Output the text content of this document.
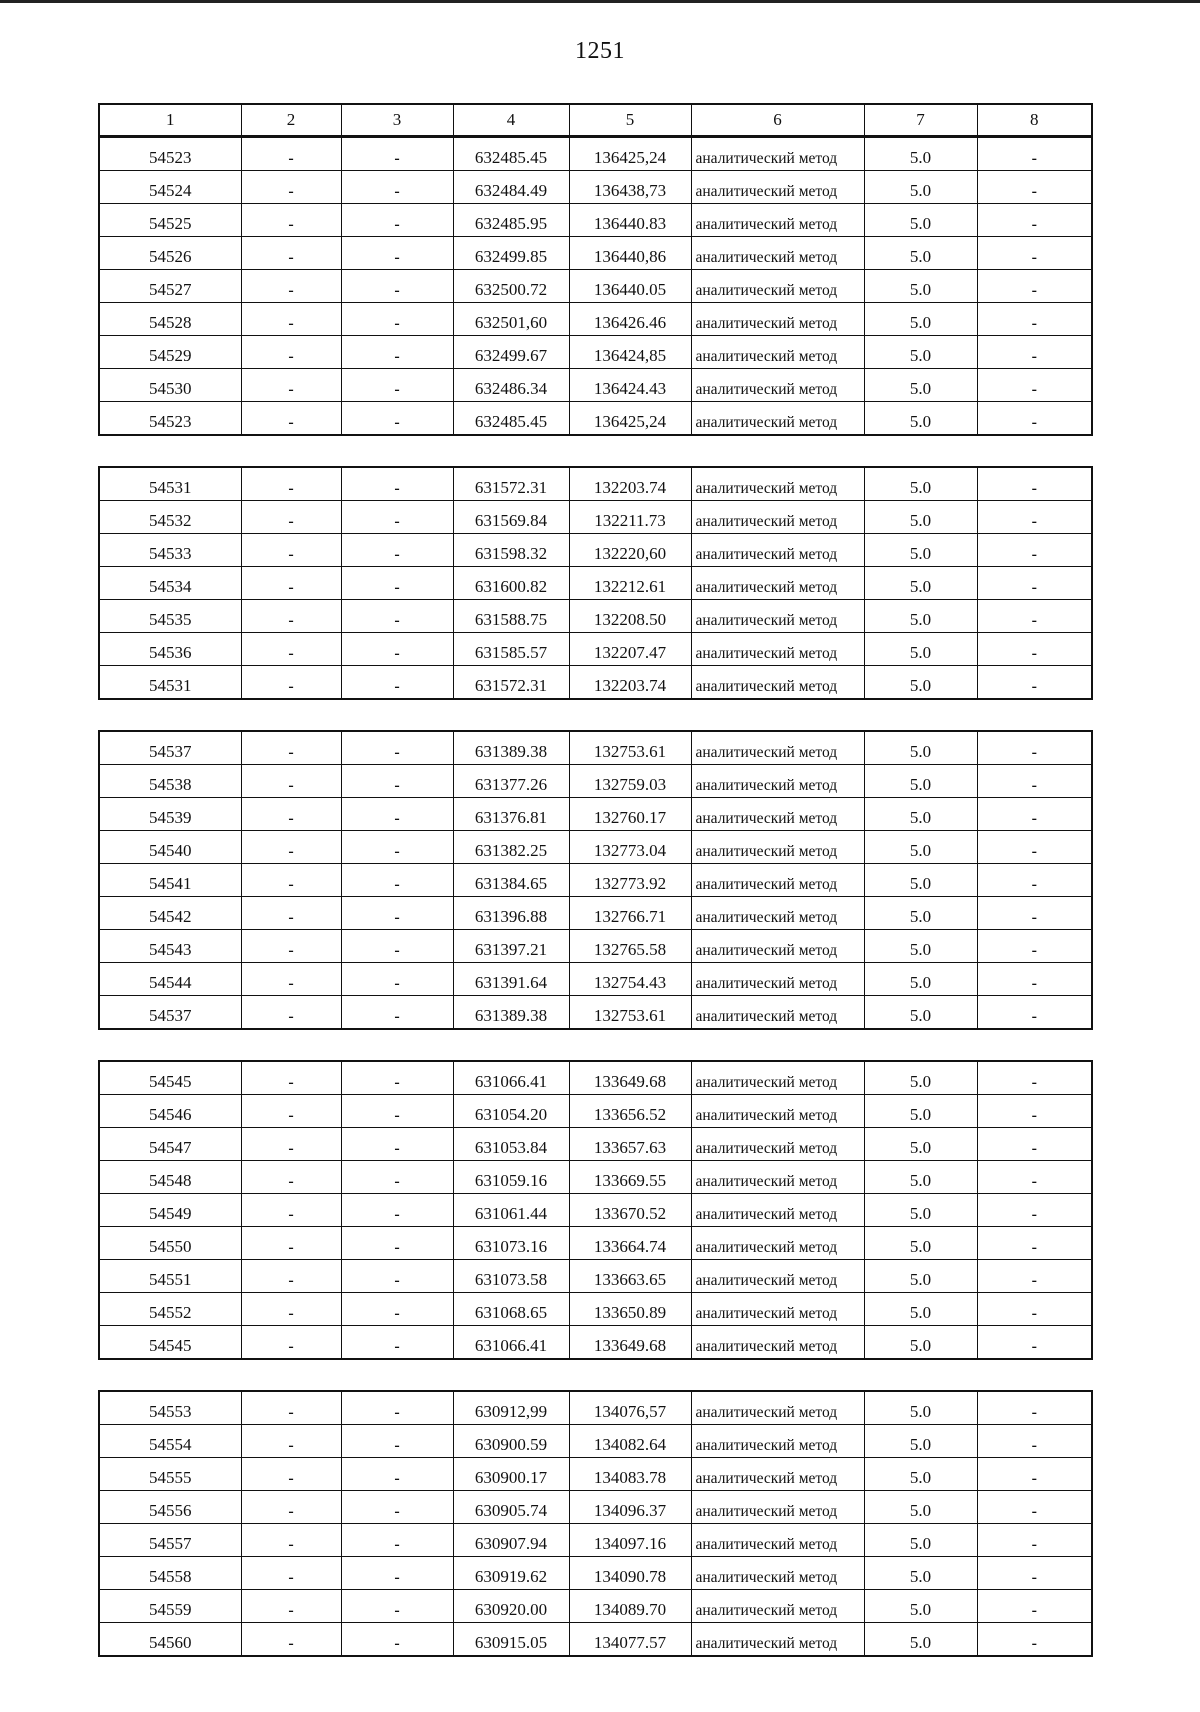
1251
1	2	3	4	5	6	7	8
54523	-	-	632485.45	136425,24	аналитический метод	5.0	-
54524	-	-	632484.49	136438,73	аналитический метод	5.0	-
54525	-	-	632485.95	136440.83	аналитический метод	5.0	-
54526	-	-	632499.85	136440,86	аналитический метод	5.0	-
54527	-	-	632500.72	136440.05	аналитический метод	5.0	-
54528	-	-	632501,60	136426.46	аналитический метод	5.0	-
54529	-	-	632499.67	136424,85	аналитический метод	5.0	-
54530	-	-	632486.34	136424.43	аналитический метод	5.0	-
54523	-	-	632485.45	136425,24	аналитический метод	5.0	-
54531	-	-	631572.31	132203.74	аналитический метод	5.0	-
54532	-	-	631569.84	132211.73	аналитический метод	5.0	-
54533	-	-	631598.32	132220,60	аналитический метод	5.0	-
54534	-	-	631600.82	132212.61	аналитический метод	5.0	-
54535	-	-	631588.75	132208.50	аналитический метод	5.0	-
54536	-	-	631585.57	132207.47	аналитический метод	5.0	-
54531	-	-	631572.31	132203.74	аналитический метод	5.0	-
54537	-	-	631389.38	132753.61	аналитический метод	5.0	-
54538	-	-	631377.26	132759.03	аналитический метод	5.0	-
54539	-	-	631376.81	132760.17	аналитический метод	5.0	-
54540	-	-	631382.25	132773.04	аналитический метод	5.0	-
54541	-	-	631384.65	132773.92	аналитический метод	5.0	-
54542	-	-	631396.88	132766.71	аналитический метод	5.0	-
54543	-	-	631397.21	132765.58	аналитический метод	5.0	-
54544	-	-	631391.64	132754.43	аналитический метод	5.0	-
54537	-	-	631389.38	132753.61	аналитический метод	5.0	-
54545	-	-	631066.41	133649.68	аналитический метод	5.0	-
54546	-	-	631054.20	133656.52	аналитический метод	5.0	-
54547	-	-	631053.84	133657.63	аналитический метод	5.0	-
54548	-	-	631059.16	133669.55	аналитический метод	5.0	-
54549	-	-	631061.44	133670.52	аналитический метод	5.0	-
54550	-	-	631073.16	133664.74	аналитический метод	5.0	-
54551	-	-	631073.58	133663.65	аналитический метод	5.0	-
54552	-	-	631068.65	133650.89	аналитический метод	5.0	-
54545	-	-	631066.41	133649.68	аналитический метод	5.0	-
54553	-	-	630912,99	134076,57	аналитический метод	5.0	-
54554	-	-	630900.59	134082.64	аналитический метод	5.0	-
54555	-	-	630900.17	134083.78	аналитический метод	5.0	-
54556	-	-	630905.74	134096.37	аналитический метод	5.0	-
54557	-	-	630907.94	134097.16	аналитический метод	5.0	-
54558	-	-	630919.62	134090.78	аналитический метод	5.0	-
54559	-	-	630920.00	134089.70	аналитический метод	5.0	-
54560	-	-	630915.05	134077.57	аналитический метод	5.0	-
